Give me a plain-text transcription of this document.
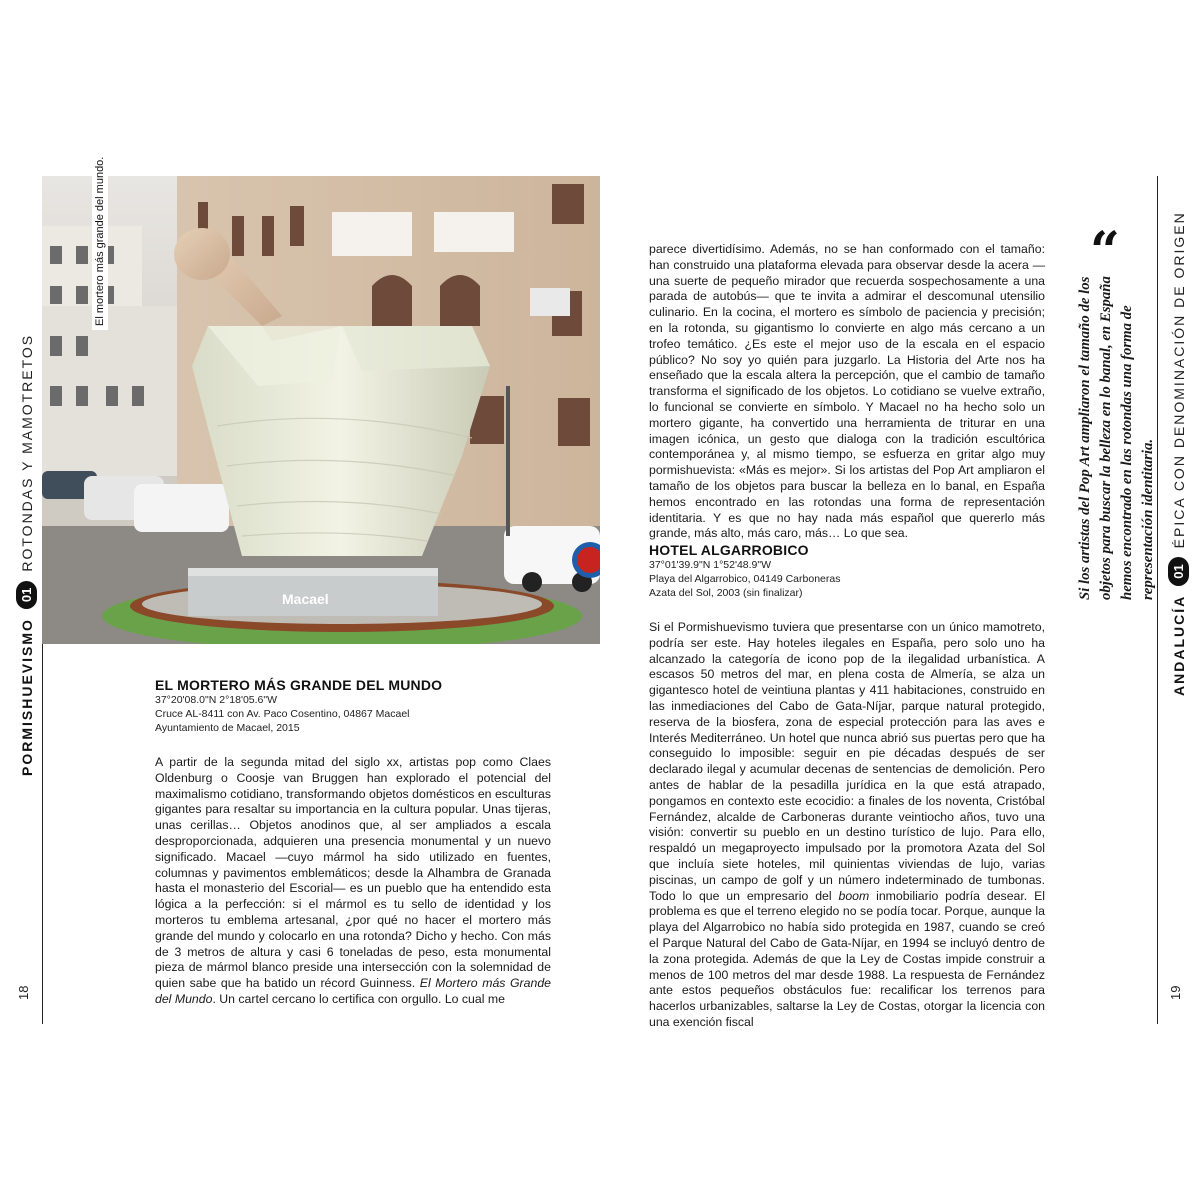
PORMISHUEVISMO
01
ROTONDAS Y MAMOTRETOS
18
Macael
El mortero más grande del mundo.
EL MORTERO MÁS GRANDE DEL MUNDO
37°20'08.0"N 2°18'05.6"W
Cruce AL-8411 con Av. Paco Cosentino, 04867 Macael
Ayuntamiento de Macael, 2015

A partir de la segunda mitad del siglo xx, artistas pop como Claes Oldenburg o Coosje van Bruggen han explorado el potencial del maximalismo cotidiano, transformando objetos domésticos en esculturas gigantes para resaltar su importancia en la cultura popular. Unas tijeras, unas cerillas… Objetos anodinos que, al ser ampliados a escala desproporcionada, adquieren una presencia monumental y un nuevo significado. Macael —cuyo mármol ha sido utilizado en fuentes, columnas y pavimentos emblemáticos; desde la Alhambra de Granada hasta el monasterio del Escorial— es un pueblo que ha entendido esta lógica a la perfección: si el mármol es tu sello de identidad y los morteros tu emblema artesanal, ¿por qué no hacer el mortero más grande del mundo y colocarlo en una rotonda? Dicho y hecho. Con más de 3 metros de altura y casi 6 toneladas de peso, esta monumental pieza de mármol blanco preside una intersección con la solemnidad de quien sabe que ha batido un récord Guinness. El Mortero más Grande del Mundo. Un cartel cercano lo certifica con orgullo. Lo cual me

parece divertidísimo. Además, no se han conformado con el tamaño: han construido una plataforma elevada para observar desde la acera —una suerte de pequeño mirador que recuerda sospechosamente a una parada de autobús— que te invita a admirar el descomunal utensilio culinario. En la cocina, el mortero es símbolo de paciencia y precisión; en la rotonda, su gigantismo lo convierte en algo más cercano a un trofeo temático. ¿Es este el mejor uso de la escala en el espacio público? No soy yo quién para juzgarlo. La Historia del Arte nos ha enseñado que la escala altera la percepción, que el cambio de tamaño transforma el significado de los objetos. Lo cotidiano se vuelve extraño, lo funcional se convierte en símbolo. Y Macael no ha hecho solo un mortero gigante, ha convertido una herramienta de triturar en una imagen icónica, un gesto que dialoga con la tradición escultórica contemporánea y, al mismo tiempo, se esfuerza en gritar algo muy pormishuevista: «Más es mejor». Si los artistas del Pop Art ampliaron el tamaño de los objetos para buscar la belleza en lo banal, en España hemos encontrado en las rotondas una forma de representación identitaria. Y es que no hay nada más español que quererlo más grande, más alto, más caro, más… Lo que sea.

HOTEL ALGARROBICO
37°01'39.9"N 1°52'48.9"W
Playa del Algarrobico, 04149 Carboneras
Azata del Sol, 2003 (sin finalizar)

Si el Pormishuevismo tuviera que presentarse con un único mamotreto, podría ser este. Hay hoteles ilegales en España, pero solo uno ha alcanzado la categoría de icono pop de la ilegalidad urbanística. A escasos 50 metros del mar, en plena costa de Almería, se alza un gigantesco hotel de veintiuna plantas y 411 habitaciones, construido en las inmediaciones del Cabo de Gata-Níjar, parque natural protegido, reserva de la biosfera, zona de especial protección para las aves e Interés Mediterráneo. Un hotel que nunca abrió sus puertas pero que ha conseguido lo imposible: seguir en pie décadas después de ser declarado ilegal y acumular decenas de sentencias de demolición. Pero antes de hablar de la pesadilla jurídica en la que está atrapado, pongamos en contexto este ecocidio: a finales de los noventa, Cristóbal Fernández, alcalde de Carboneras durante veintiocho años, tuvo una visión: convertir su pueblo en un destino turístico de lujo. Para ello, respaldó un megaproyecto impulsado por la promotora Azata del Sol que incluía siete hoteles, mil quinientas viviendas de lujo, varias piscinas, un campo de golf y un número indeterminado de tumbonas. Todo lo que un empresario del boom inmobiliario podría desear. El problema es que el terreno elegido no se podía tocar. Porque, aunque la playa del Algarrobico no había sido protegida en 1987, cuando se creó el Parque Natural del Cabo de Gata-Níjar, en 1994 se incluyó dentro de la zona protegida. Además de que la Ley de Costas impide construir a menos de 100 metros del mar desde 1988. La respuesta de Fernández ante estos pequeños obstáculos fue: recalificar los terrenos para hacerlos urbanizables, saltarse la Ley de Costas, otorgar la licencia con una exención fiscal

“
Si los artistas del Pop Art ampliaron el tamaño de los objetos para buscar la belleza en lo banal, en España hemos encontrado en las rotondas una forma de representación identitaria.
ANDALUCÍA
01
ÉPICA CON DENOMINACIÓN DE ORIGEN
19
